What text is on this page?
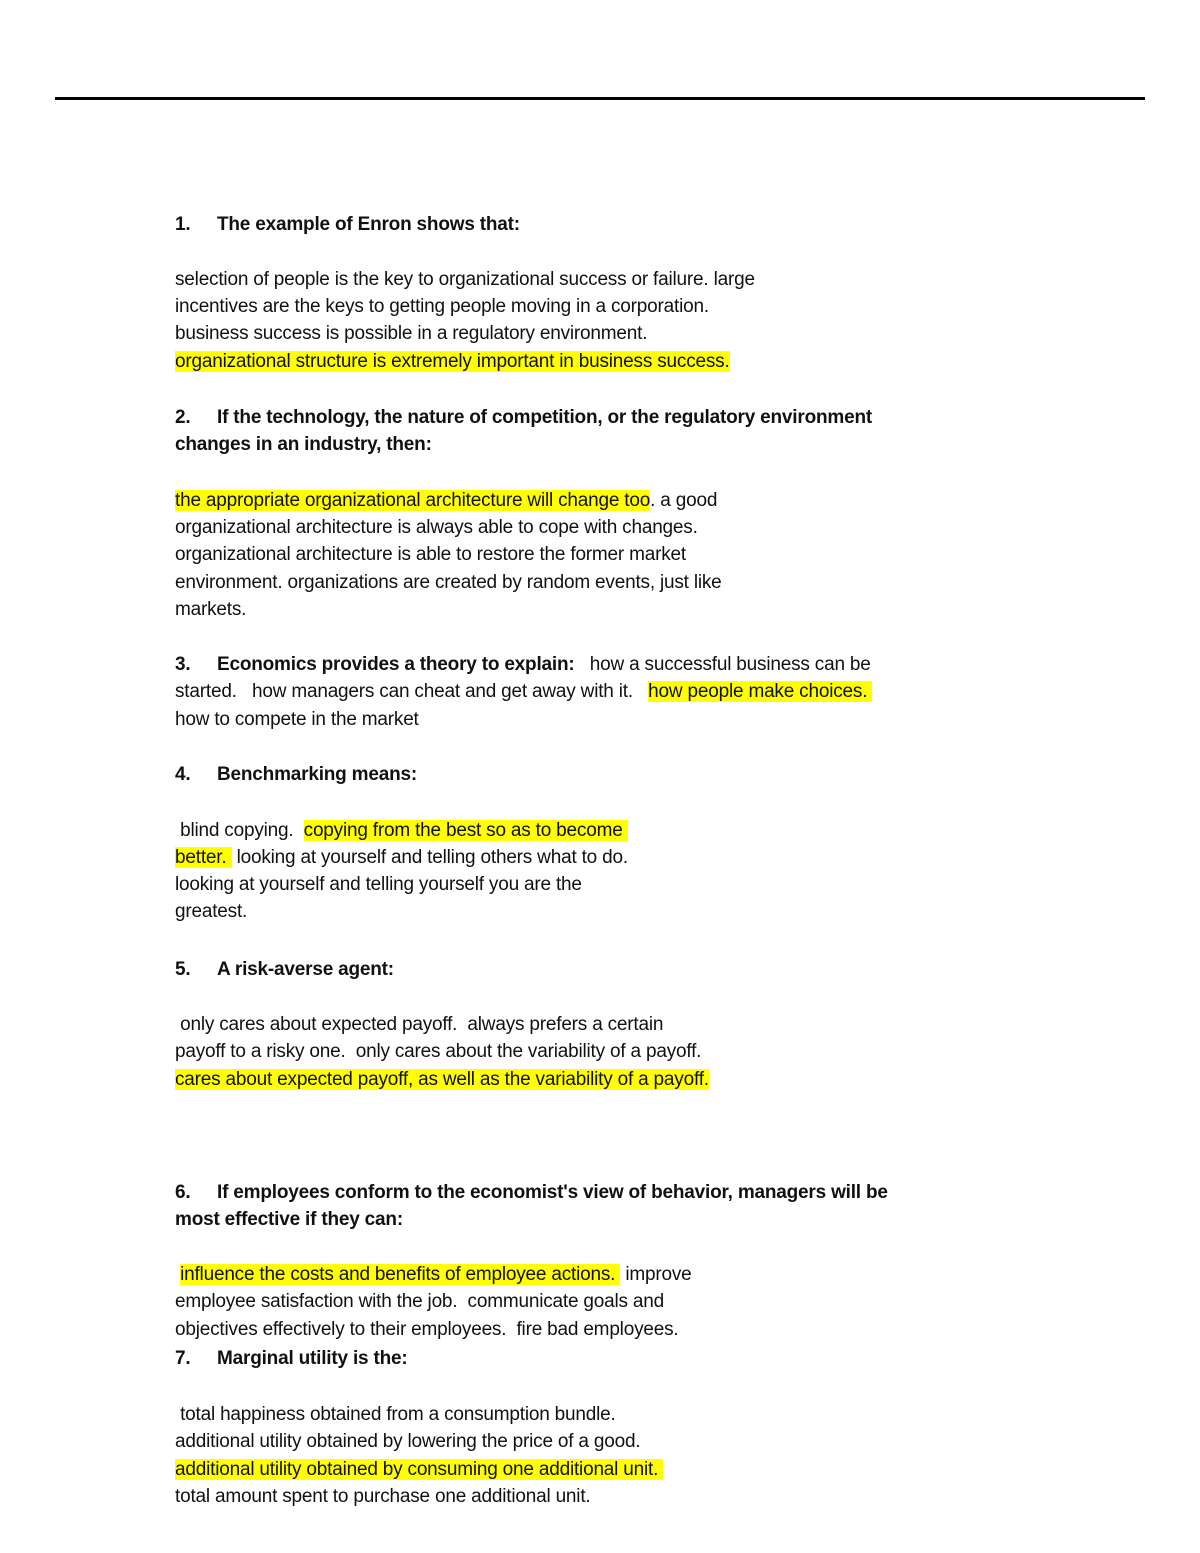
1. The example of Enron shows that:
selection of people is the key to organizational success or failure. large
incentives are the keys to getting people moving in a corporation.
business success is possible in a regulatory environment.
organizational structure is extremely important in business success.
2. If the technology, the nature of competition, or the regulatory environment
changes in an industry, then:
the appropriate organizational architecture will change too. a good
organizational architecture is always able to cope with changes.
organizational architecture is able to restore the former market
environment. organizations are created by random events, just like
markets.
3. Economics provides a theory to explain:   how a successful business can be
started.   how managers can cheat and get away with it.   how people make choices.
how to compete in the market
4. Benchmarking means:
blind copying.  copying from the best so as to become
better.  looking at yourself and telling others what to do.
looking at yourself and telling yourself you are the
greatest.
5. A risk-averse agent:
only cares about expected payoff.  always prefers a certain
payoff to a risky one.  only cares about the variability of a payoff.
cares about expected payoff, as well as the variability of a payoff.
6. If employees conform to the economist's view of behavior, managers will be
most effective if they can:
influence the costs and benefits of employee actions.  improve
employee satisfaction with the job.  communicate goals and
objectives effectively to their employees.  fire bad employees.
7. Marginal utility is the:
total happiness obtained from a consumption bundle.
additional utility obtained by lowering the price of a good.
additional utility obtained by consuming one additional unit.
total amount spent to purchase one additional unit.
